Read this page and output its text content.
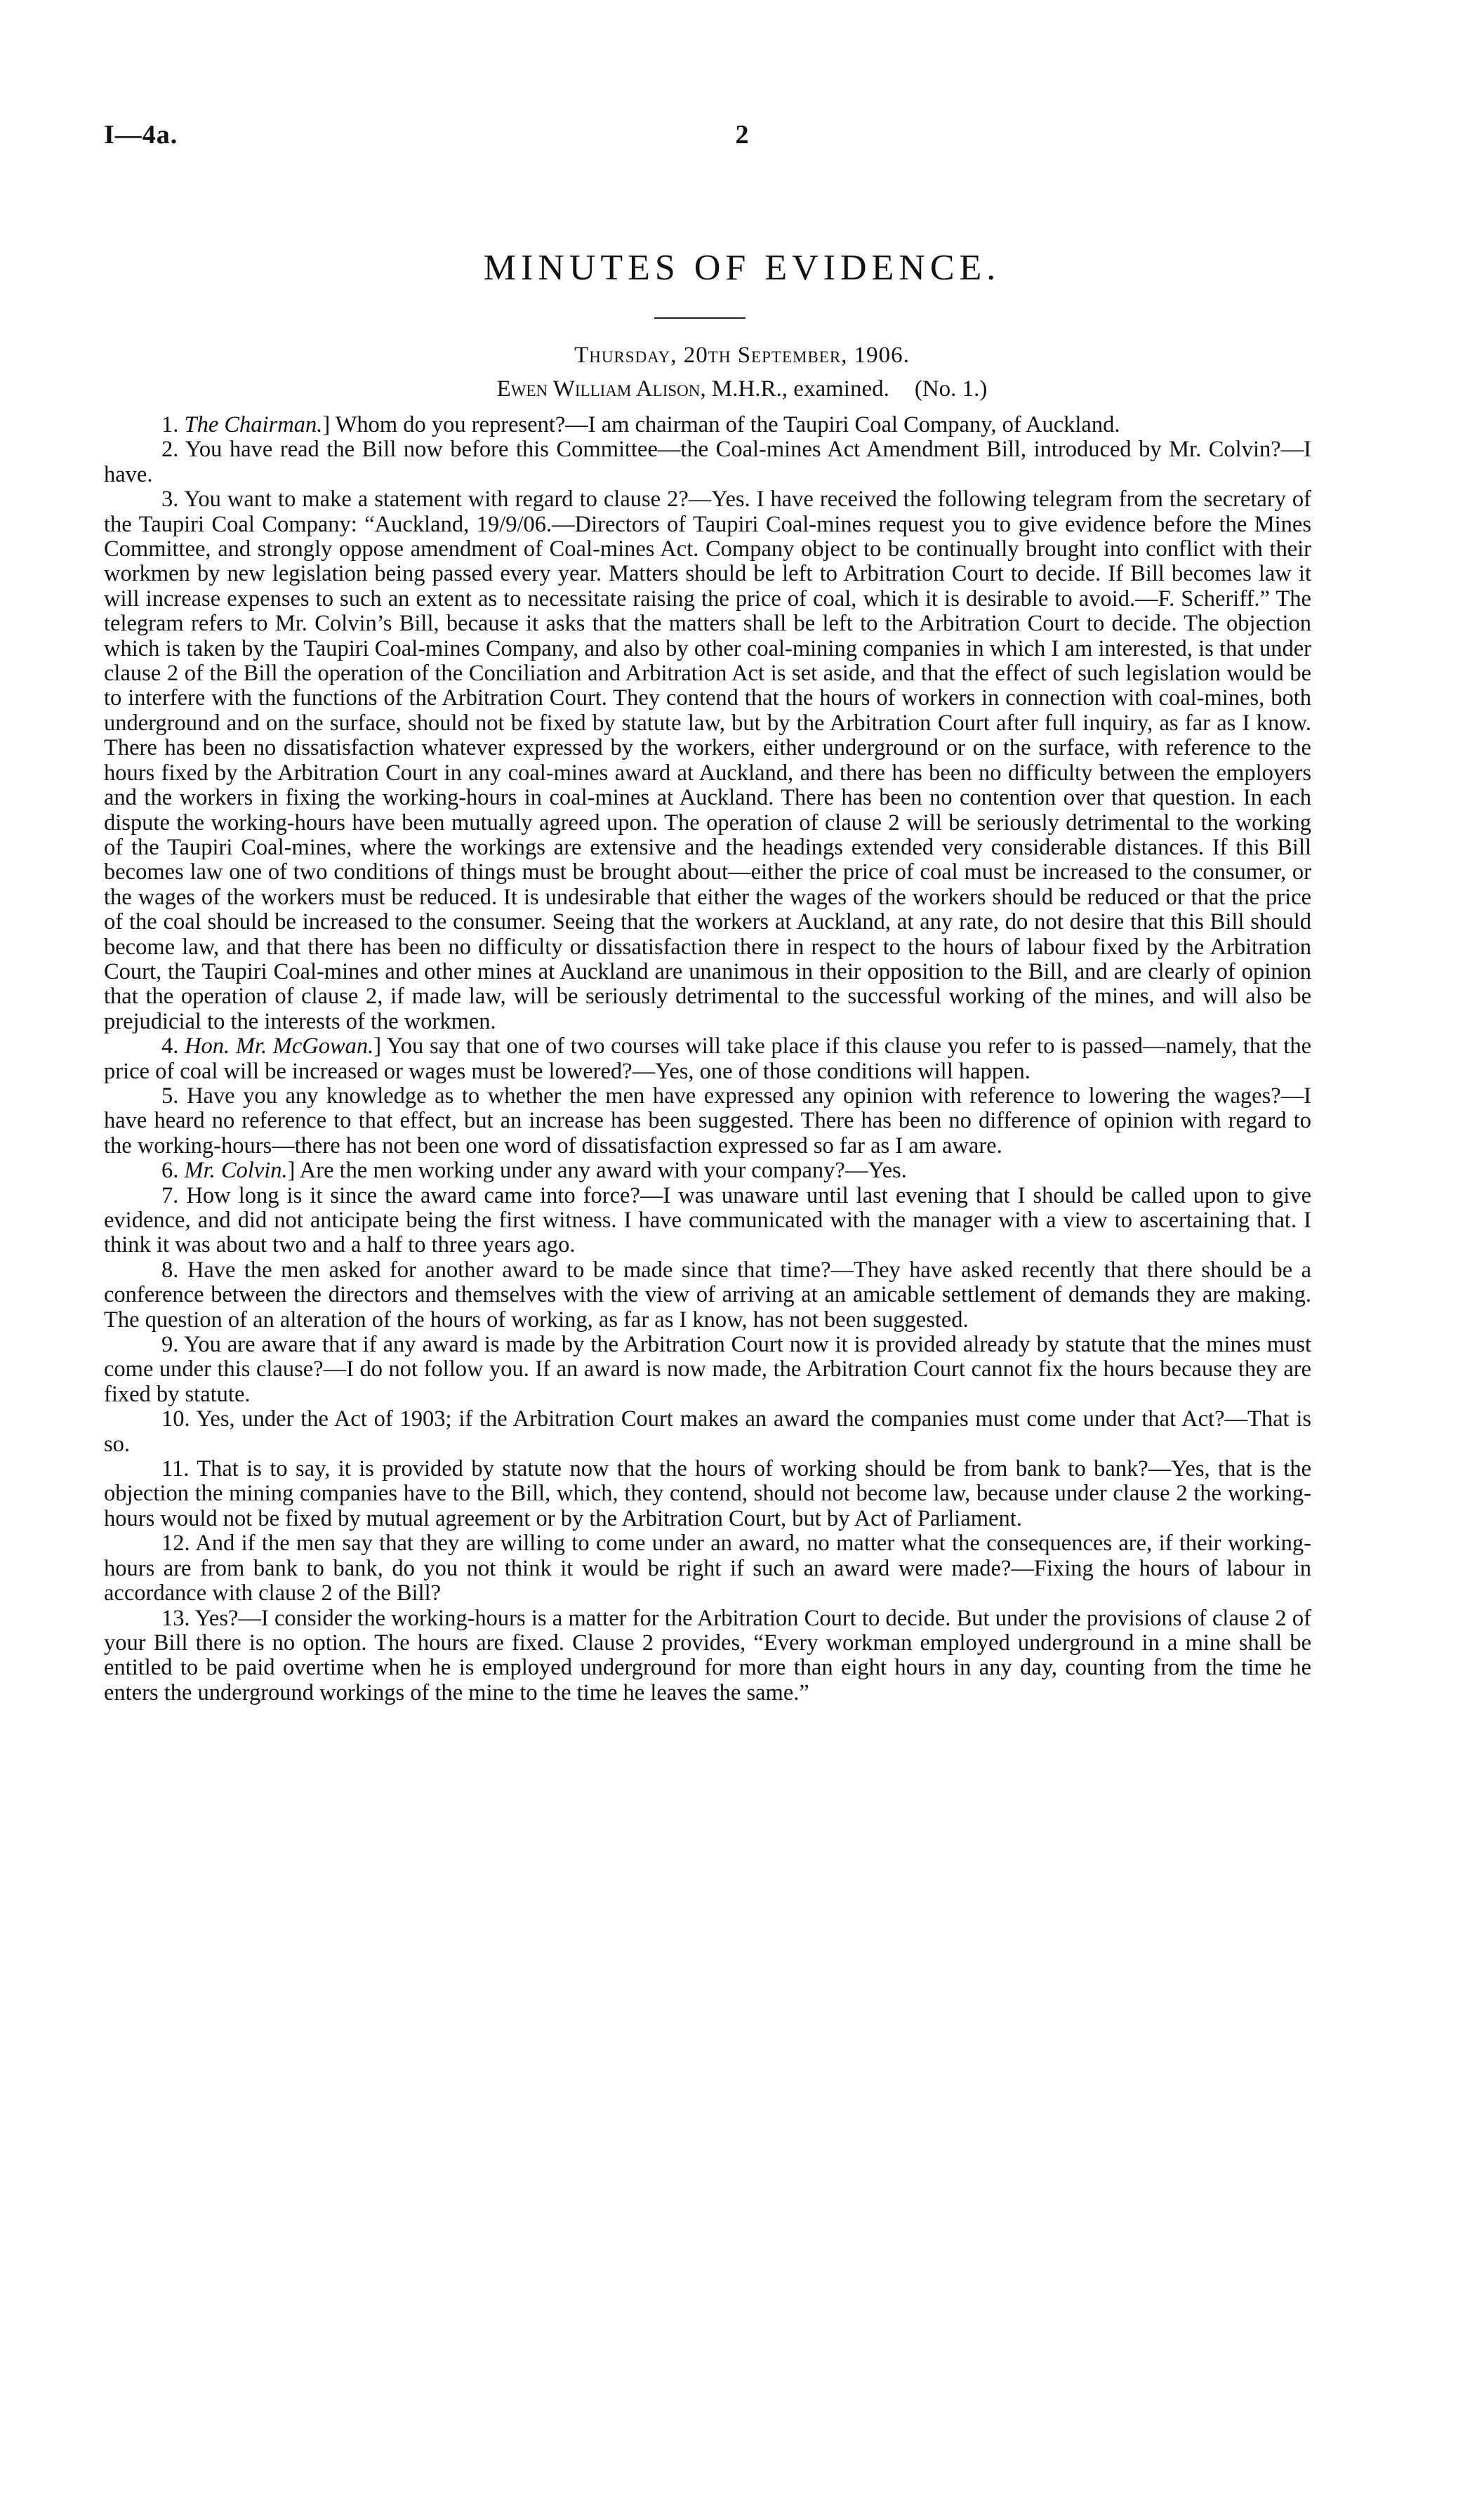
I—4a.	2
MINUTES OF EVIDENCE.
Thursday, 20th September, 1906.
Ewen William Alison, M.H.R., examined. (No. 1.)

1. The Chairman.] Whom do you represent?—I am chairman of the Taupiri Coal Company, of Auckland.

2. You have read the Bill now before this Committee—the Coal-mines Act Amendment Bill, introduced by Mr. Colvin?—I have.

3. You want to make a statement with regard to clause 2?—Yes. I have received the following telegram from the secretary of the Taupiri Coal Company: “Auckland, 19/9/06.—Directors of Taupiri Coal-mines request you to give evidence before the Mines Committee, and strongly oppose amendment of Coal-mines Act. Company object to be continually brought into conflict with their workmen by new legislation being passed every year. Matters should be left to Arbitration Court to decide. If Bill becomes law it will increase expenses to such an extent as to necessitate raising the price of coal, which it is desirable to avoid.—F. Scheriff.” The telegram refers to Mr. Colvin’s Bill, because it asks that the matters shall be left to the Arbitration Court to decide. The objection which is taken by the Taupiri Coal-mines Company, and also by other coal-mining companies in which I am interested, is that under clause 2 of the Bill the operation of the Conciliation and Arbitration Act is set aside, and that the effect of such legislation would be to interfere with the functions of the Arbitration Court. They contend that the hours of workers in connection with coal-mines, both underground and on the surface, should not be fixed by statute law, but by the Arbitration Court after full inquiry, as far as I know. There has been no dissatisfaction whatever expressed by the workers, either underground or on the surface, with reference to the hours fixed by the Arbitration Court in any coal-mines award at Auckland, and there has been no difficulty between the employers and the workers in fixing the working-hours in coal-mines at Auckland. There has been no contention over that question. In each dispute the working-hours have been mutually agreed upon. The operation of clause 2 will be seriously detrimental to the working of the Taupiri Coal-mines, where the workings are extensive and the headings extended very considerable distances. If this Bill becomes law one of two conditions of things must be brought about—either the price of coal must be increased to the consumer, or the wages of the workers must be reduced. It is undesirable that either the wages of the workers should be reduced or that the price of the coal should be increased to the consumer. Seeing that the workers at Auckland, at any rate, do not desire that this Bill should become law, and that there has been no difficulty or dissatisfaction there in respect to the hours of labour fixed by the Arbitration Court, the Taupiri Coal-mines and other mines at Auckland are unanimous in their opposition to the Bill, and are clearly of opinion that the operation of clause 2, if made law, will be seriously detrimental to the successful working of the mines, and will also be prejudicial to the interests of the workmen.

4. Hon. Mr. McGowan.] You say that one of two courses will take place if this clause you refer to is passed—namely, that the price of coal will be increased or wages must be lowered?—Yes, one of those conditions will happen.

5. Have you any knowledge as to whether the men have expressed any opinion with reference to lowering the wages?—I have heard no reference to that effect, but an increase has been suggested. There has been no difference of opinion with regard to the working-hours—there has not been one word of dissatisfaction expressed so far as I am aware.

6. Mr. Colvin.] Are the men working under any award with your company?—Yes.

7. How long is it since the award came into force?—I was unaware until last evening that I should be called upon to give evidence, and did not anticipate being the first witness. I have communicated with the manager with a view to ascertaining that. I think it was about two and a half to three years ago.

8. Have the men asked for another award to be made since that time?—They have asked recently that there should be a conference between the directors and themselves with the view of arriving at an amicable settlement of demands they are making. The question of an alteration of the hours of working, as far as I know, has not been suggested.

9. You are aware that if any award is made by the Arbitration Court now it is provided already by statute that the mines must come under this clause?—I do not follow you. If an award is now made, the Arbitration Court cannot fix the hours because they are fixed by statute.

10. Yes, under the Act of 1903; if the Arbitration Court makes an award the companies must come under that Act?—That is so.

11. That is to say, it is provided by statute now that the hours of working should be from bank to bank?—Yes, that is the objection the mining companies have to the Bill, which, they contend, should not become law, because under clause 2 the working-hours would not be fixed by mutual agreement or by the Arbitration Court, but by Act of Parliament.

12. And if the men say that they are willing to come under an award, no matter what the consequences are, if their working-hours are from bank to bank, do you not think it would be right if such an award were made?—Fixing the hours of labour in accordance with clause 2 of the Bill?

13. Yes?—I consider the working-hours is a matter for the Arbitration Court to decide. But under the provisions of clause 2 of your Bill there is no option. The hours are fixed. Clause 2 provides, “Every workman employed underground in a mine shall be entitled to be paid overtime when he is employed underground for more than eight hours in any day, counting from the time he enters the underground workings of the mine to the time he leaves the same.”
